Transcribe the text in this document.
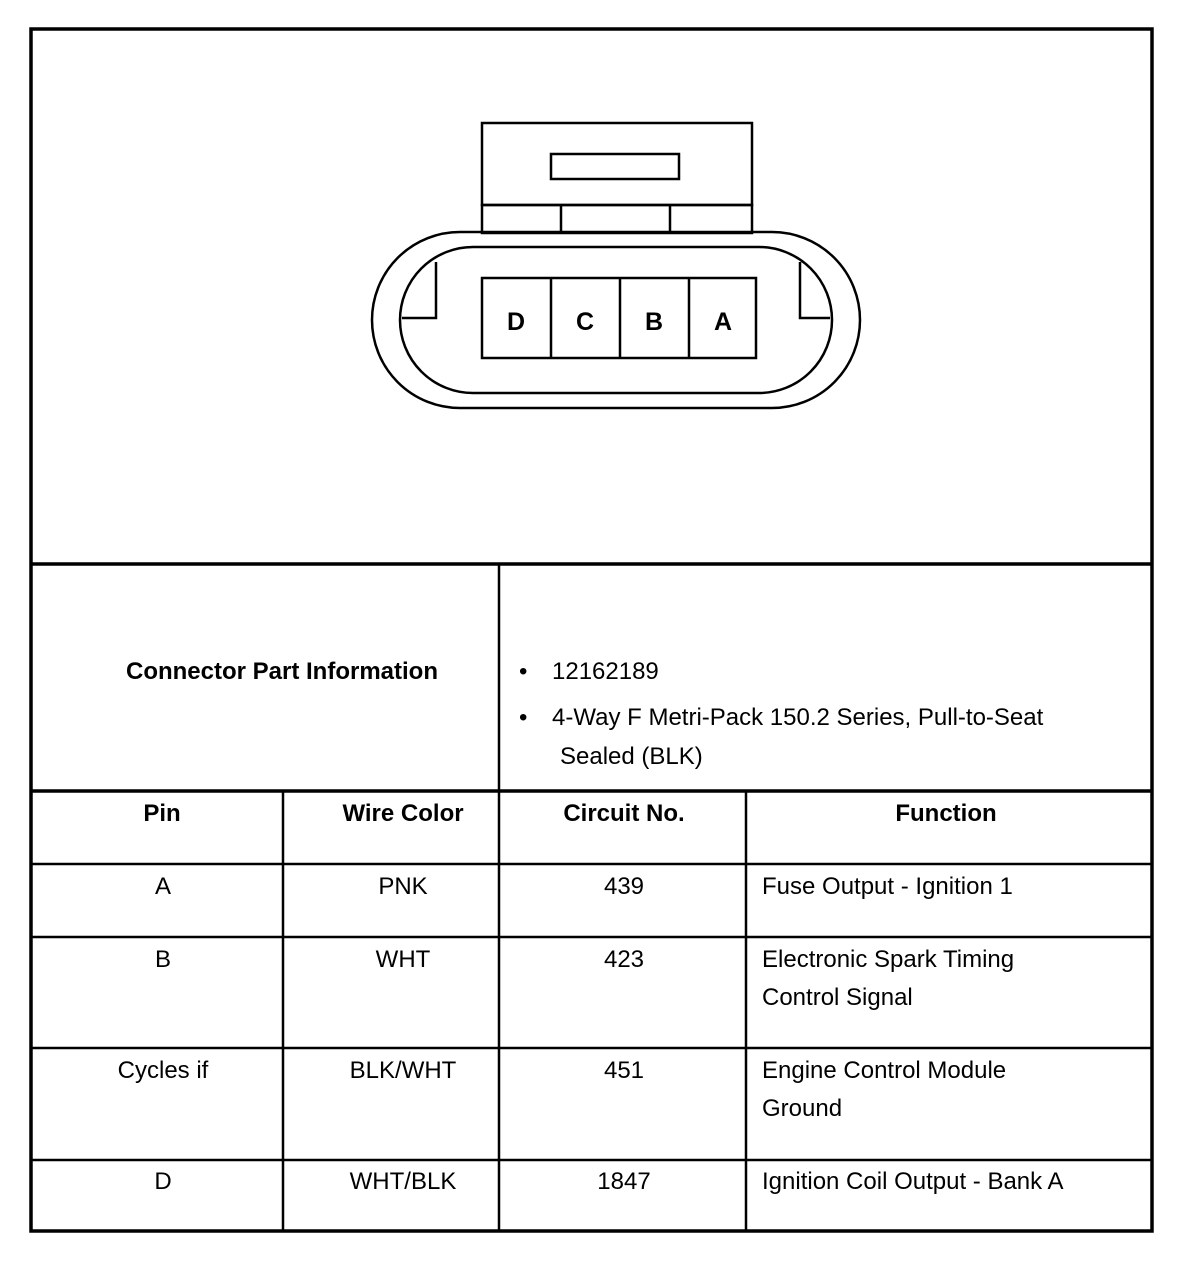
D C B A
Connector Part Information	• 12162189
• 4-Way F Metri-Pack 150.2 Series, Pull-to-Seat
Sealed (BLK)
Pin	Wire Color	Circuit No.	Function
A	PNK	439	Fuse Output - Ignition 1
B	WHT	423	Electronic Spark Timing
Control Signal
Cycles if	BLK/WHT	451	Engine Control Module
Ground
D	WHT/BLK	1847	Ignition Coil Output - Bank A
